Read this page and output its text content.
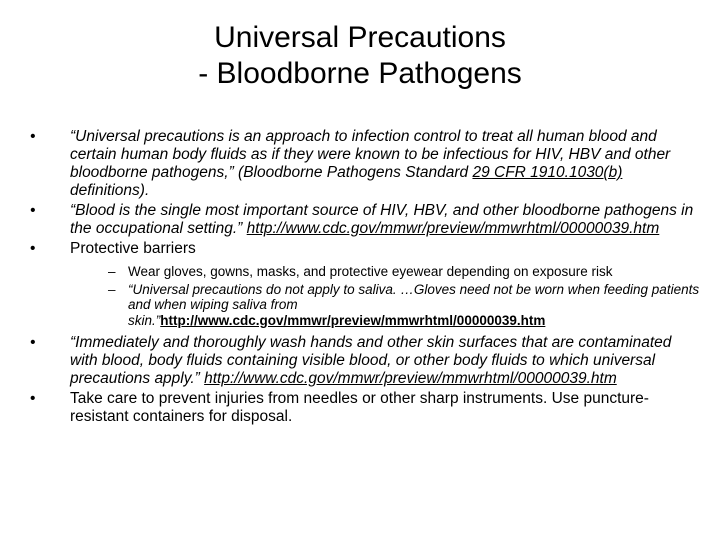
Universal Precautions
- Bloodborne Pathogens
• “Universal precautions is an approach to infection control to treat all human blood and certain human body fluids as if they were known to be infectious for HIV, HBV and other bloodborne pathogens,” (Bloodborne Pathogens Standard 29 CFR 1910.1030(b) definitions).
• “Blood is the single most important source of HIV, HBV, and other bloodborne pathogens in the occupational setting.” http://www.cdc.gov/mmwr/preview/mmwrhtml/00000039.htm
• Protective barriers
– Wear gloves, gowns, masks, and protective eyewear depending on exposure risk
– “Universal precautions do not apply to saliva. …Gloves need not be worn when feeding patients and when wiping saliva from skin.”http://www.cdc.gov/mmwr/preview/mmwrhtml/00000039.htm
• “Immediately and thoroughly wash hands and other skin surfaces that are contaminated with blood, body fluids containing visible blood, or other body fluids to which universal precautions apply.” http://www.cdc.gov/mmwr/preview/mmwrhtml/00000039.htm
• Take care to prevent injuries from needles or other sharp instruments. Use puncture-resistant containers for disposal.
